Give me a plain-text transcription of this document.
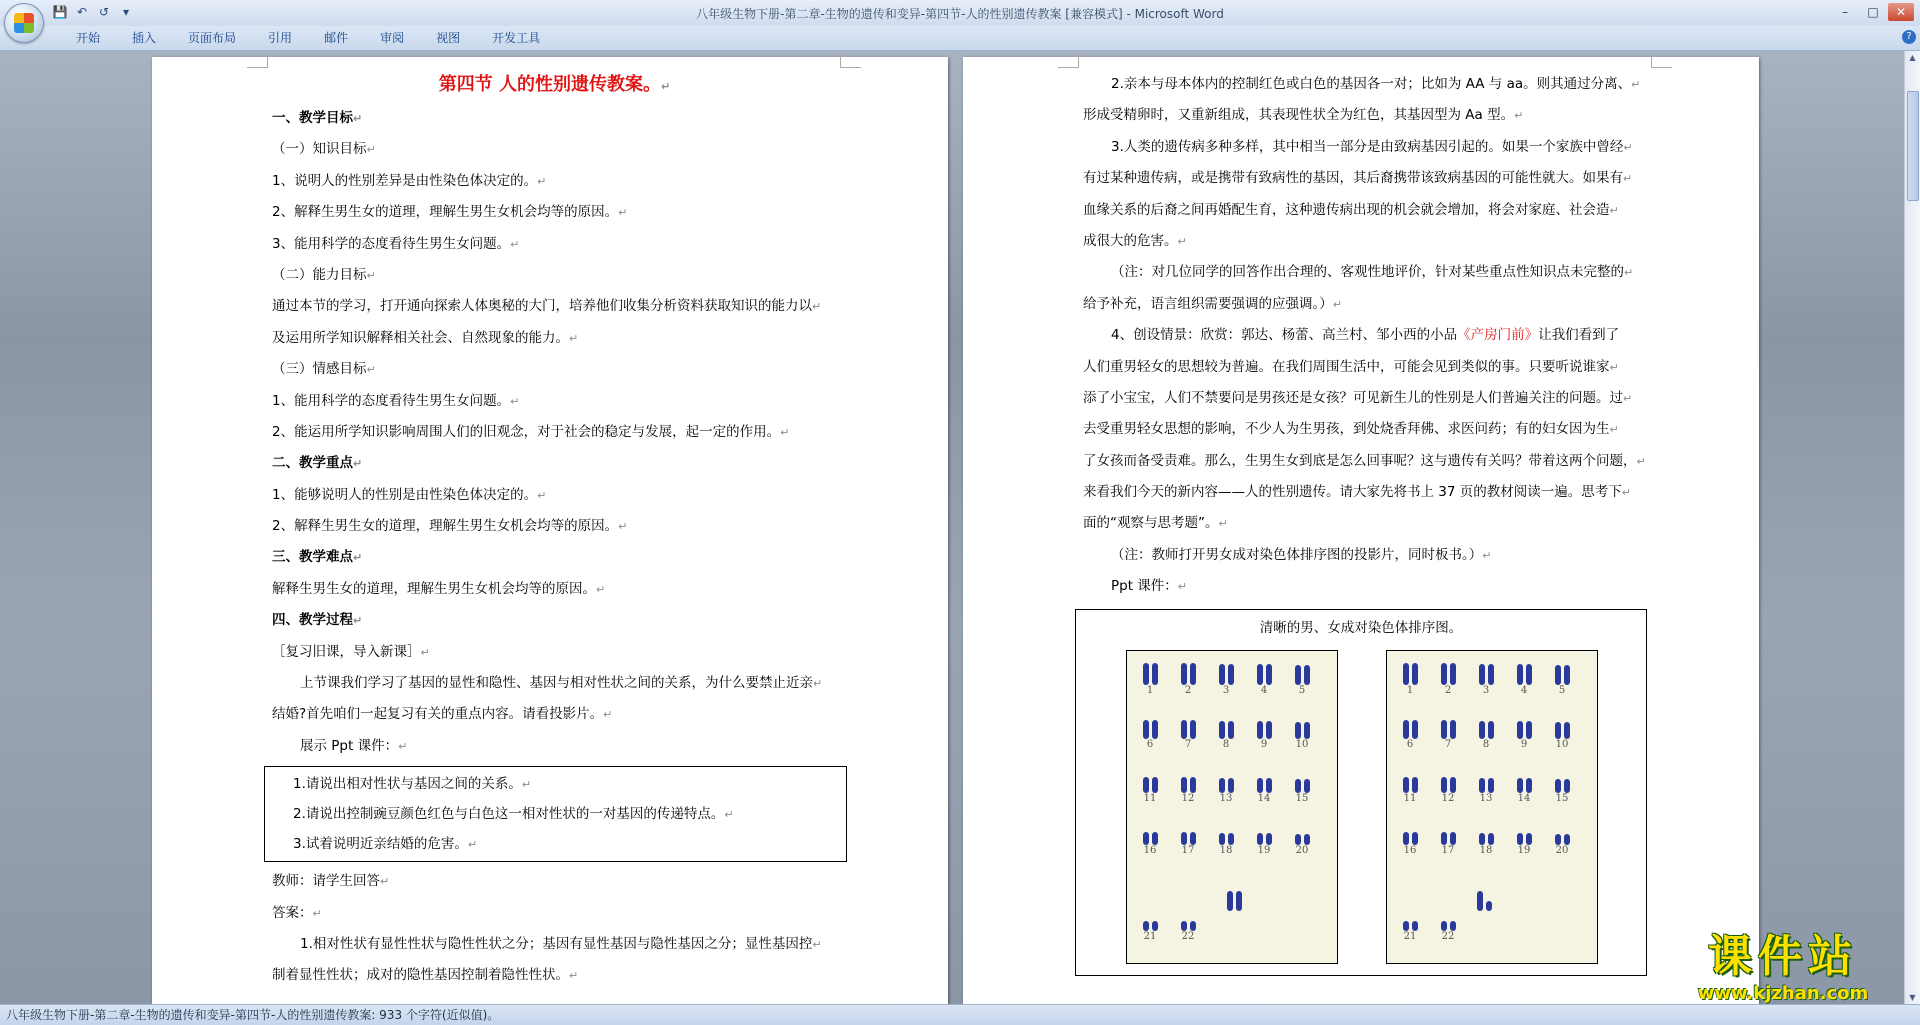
💾 ↶ ↺	▾	八年级生物下册-第二章-生物的遗传和变异-第四节-人的性别遗传教案 [兼容模式] - Microsoft Word	–	□	✕
开始	插入	页面布局	引用	邮件	审阅	视图	开发工具	?
第四节 人的性别遗传教案。↵
一、教学目标↵
（一）知识目标↵
1、说明人的性别差异是由性染色体决定的。↵
2、解释生男生女的道理，理解生男生女机会均等的原因。↵
3、能用科学的态度看待生男生女问题。↵
（二）能力目标↵
通过本节的学习，打开通向探索人体奥秘的大门，培养他们收集分析资料获取知识的能力以↵
及运用所学知识解释相关社会、自然现象的能力。↵
（三）情感目标↵
1、能用科学的态度看待生男生女问题。↵
2、能运用所学知识影响周围人们的旧观念，对于社会的稳定与发展，起一定的作用。↵
二、教学重点↵
1、能够说明人的性别是由性染色体决定的。↵
2、解释生男生女的道理，理解生男生女机会均等的原因。↵
三、教学难点↵
解释生男生女的道理，理解生男生女机会均等的原因。↵
四、教学过程↵
［复习旧课，导入新课］↵
上节课我们学习了基因的显性和隐性、基因与相对性状之间的关系，为什么要禁止近亲↵
结婚?首先咱们一起复习有关的重点内容。请看投影片。↵
展示 Ppt 课件：↵
1.请说出相对性状与基因之间的关系。↵
2.请说出控制豌豆颜色红色与白色这一相对性状的一对基因的传递特点。↵
3.试着说明近亲结婚的危害。↵
教师：请学生回答↵
答案：↵
1.相对性状有显性性状与隐性性状之分；基因有显性基因与隐性基因之分；显性基因控↵
制着显性性状；成对的隐性基因控制着隐性性状。↵
2.亲本与母本体内的控制红色或白色的基因各一对；比如为 AA 与 aa。则其通过分离、↵
形成受精卵时，又重新组成，其表现性状全为红色，其基因型为 Aa 型。↵
3.人类的遗传病多种多样，其中相当一部分是由致病基因引起的。如果一个家族中曾经↵
有过某种遗传病，或是携带有致病性的基因，其后裔携带该致病基因的可能性就大。如果有↵
血缘关系的后裔之间再婚配生育，这种遗传病出现的机会就会增加，将会对家庭、社会造↵
成很大的危害。↵
（注：对几位同学的回答作出合理的、客观性地评价，针对某些重点性知识点未完整的↵
给予补充，语言组织需要强调的应强调。）↵
4、创设情景：欣赏：郭达、杨蕾、高兰村、邹小西的小品《产房门前》让我们看到了
人们重男轻女的思想较为普遍。在我们周围生活中，可能会见到类似的事。只要听说谁家↵
添了小宝宝，人们不禁要问是男孩还是女孩？可见新生儿的性别是人们普遍关注的问题。过↵
去受重男轻女思想的影响，不少人为生男孩，到处烧香拜佛、求医问药；有的妇女因为生↵
了女孩而备受责难。那么，生男生女到底是怎么回事呢？这与遗传有关吗？带着这两个问题，↵
来看我们今天的新内容——人的性别遗传。请大家先将书上 37 页的教材阅读一遍。思考下↵
面的“观察与思考题”。↵
（注：教师打开男女成对染色体排序图的投影片，同时板书。）↵
Ppt 课件：↵
清晰的男、女成对染色体排序图。
1	2	3	4	5
6	7	8	9	10
11	12	13	14	15
16	17	18	19	20
21	22
1	2	3	4	5
6	7	8	9	10
11	12	13	14	15
16	17	18	19	20
21	22
▲
▼
八年级生物下册-第二章-生物的遗传和变异-第四节-人的性别遗传教案: 933 个字符(近似值)。
课件站
www.kjzhan.com
